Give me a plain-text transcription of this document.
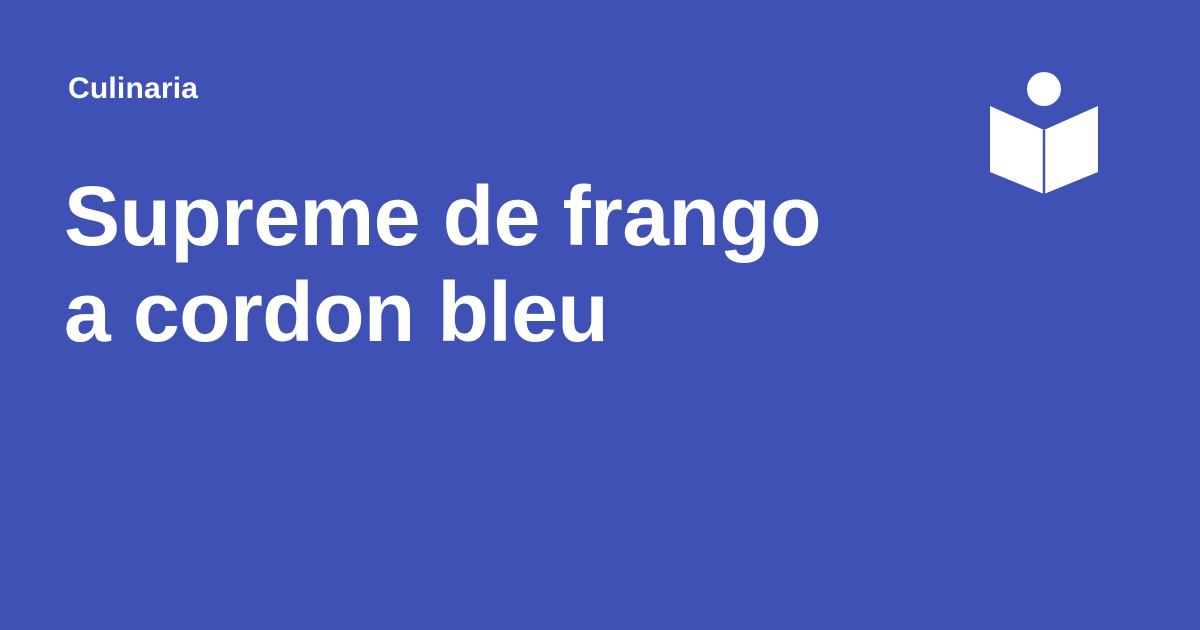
Culinaria
Supreme de frango
a cordon bleu
